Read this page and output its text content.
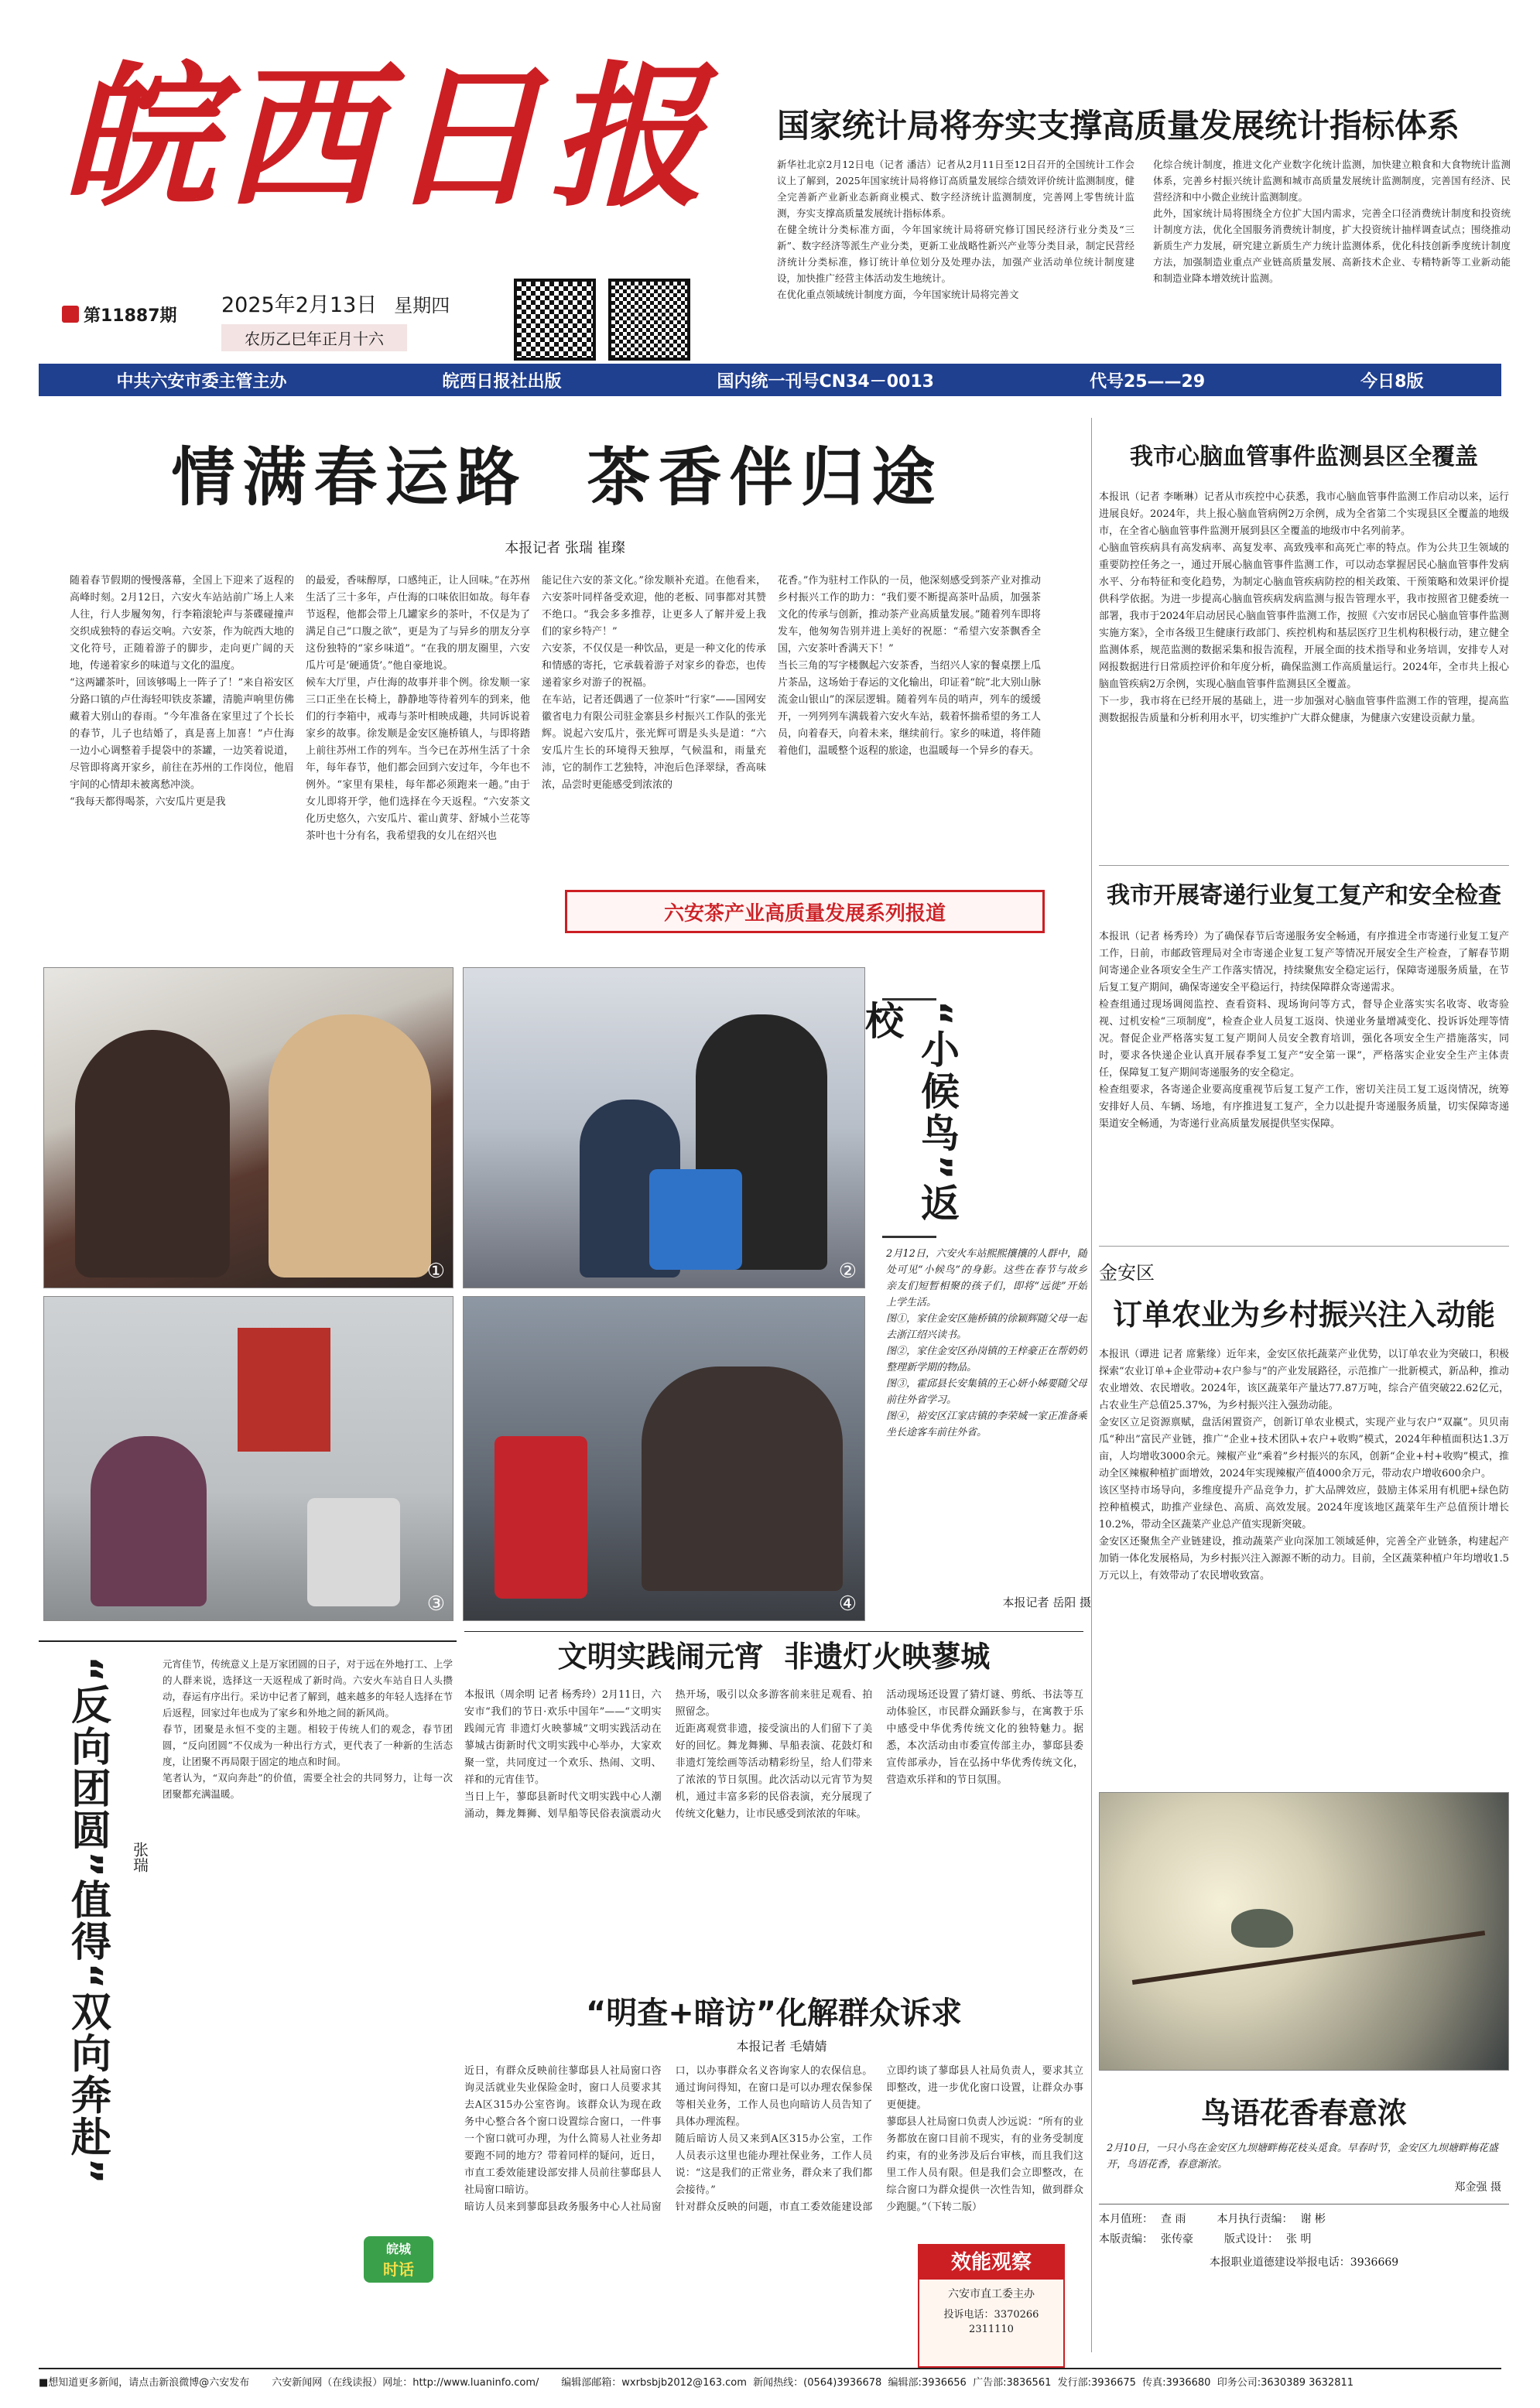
皖西日报
第11887期 2025年2月13日 星期四
农历乙巳年正月十六
国家统计局将夯实支撑高质量发展统计指标体系
新华社北京2月12日电（记者 潘洁）记者从2月11日至12日召开的全国统计工作会议上了解到，2025年国家统计局将修订高质量发展综合绩效评价统计监测制度，健全完善新产业新业态新商业模式、数字经济统计监测制度，完善网上零售统计监测，夯实支撑高质量发展统计指标体系。
在健全统计分类标准方面，今年国家统计局将研究修订国民经济行业分类及“三新”、数字经济等派生产业分类，更新工业战略性新兴产业等分类目录，制定民营经济统计分类标准，修订统计单位划分及处理办法，加强产业活动单位统计制度建设，加快推广经营主体活动发生地统计。
在优化重点领域统计制度方面，今年国家统计局将完善文
化综合统计制度，推进文化产业数字化统计监测，加快建立粮食和大食物统计监测体系，完善乡村振兴统计监测和城市高质量发展统计监测制度，完善国有经济、民营经济和中小微企业统计监测制度。
此外，国家统计局将围绕全方位扩大国内需求，完善全口径消费统计制度和投资统计制度方法，优化全国服务消费统计制度，扩大投资统计抽样调查试点；围绕推动新质生产力发展，研究建立新质生产力统计监测体系，优化科技创新季度统计制度方法，加强制造业重点产业链高质量发展、高新技术企业、专精特新等工业新动能和制造业降本增效统计监测。
中共六安市委主管主办	皖西日报社出版	国内统一刊号CN34－0013	代号25——29	今日8版
情满春运路  茶香伴归途
本报记者 张瑞 崔璨
随着春节假期的慢慢落幕，全国上下迎来了返程的高峰时刻。2月12日，六安火车站站前广场上人来人往，行人步履匆匆，行李箱滚轮声与茶碟碰撞声交织成独特的春运交响。六安茶，作为皖西大地的文化符号，正随着游子的脚步，走向更广阔的天地，传递着家乡的味道与文化的温度。
“这两罐茶叶，回该够喝上一阵子了！”来自裕安区分路口镇的卢仕海轻叩铁皮茶罐，清脆声响里仿佛藏着大别山的春雨。“今年准备在家里过了个长长的春节，儿子也结婚了，真是喜上加喜！”卢仕海一边小心调整着手提袋中的茶罐，一边笑着说道，尽管即将离开家乡，前往在苏州的工作岗位，他眉宇间的心情却未被离愁冲淡。
“我每天都得喝茶，六安瓜片更是我
的最爱，香味醇厚，口感纯正，让人回味。”在苏州生活了三十多年，卢仕海的口味依旧如故。每年春节返程，他都会带上几罐家乡的茶叶，不仅是为了满足自己“口腹之欲”，更是为了与异乡的朋友分享这份独特的“家乡味道”。“在我的朋友圈里，六安瓜片可是‘硬通货’。”他自豪地说。
候车大厅里，卢仕海的故事并非个例。徐发顺一家三口正坐在长椅上，静静地等待着列车的到来，他们的行李箱中，戒毒与茶叶相映成趣，共同诉说着家乡的故事。徐发顺是金安区施桥镇人，与即将踏上前往苏州工作的列车。当今已在苏州生活了十余年，每年春节，他们都会回到六安过年，今年也不例外。“家里有果桂，每年都必须跑来一趟。”由于女儿即将开学，他们选择在今天返程。“六安茶文化历史悠久，六安瓜片、霍山黄芽、舒城小兰花等茶叶也十分有名，我希望我的女儿在绍兴也
能记住六安的茶文化。”徐发顺补充道。在他看来，六安茶叶同样备受欢迎，他的老板、同事都对其赞不绝口。“我会多多推荐，让更多人了解并爱上我们的家乡特产！”
六安茶，不仅仅是一种饮品，更是一种文化的传承和情感的寄托，它承载着游子对家乡的眷恋，也传递着家乡对游子的祝福。
在车站，记者还偶遇了一位茶叶“行家”——国网安徽省电力有限公司驻金寨县乡村振兴工作队的张光辉。说起六安瓜片，张光辉可谓是头头是道：“六安瓜片生长的环境得天独厚，气候温和，雨量充沛，它的制作工艺独特，冲泡后色泽翠绿，香高味浓，品尝时更能感受到浓浓的
花香。”作为驻村工作队的一员，他深刻感受到茶产业对推动乡村振兴工作的助力：“我们要不断提高茶叶品质，加强茶文化的传承与创新，推动茶产业高质量发展。”随着列车即将发车，他匆匆告别并进上美好的祝愿：“希望六安茶飘香全国，六安茶叶香满天下！”
当长三角的写字楼飘起六安茶香，当绍兴人家的餐桌摆上瓜片茶品，这场始于春运的文化输出，印证着“皖”北大别山脉流金山银山”的深层逻辑。随着列车员的哨声，列车的缓缓开，一列列列车满载着六安火车站，载着怀揣希望的务工人员，向着春天，向着未来，继续前行。家乡的味道，将伴随着他们，温暖整个返程的旅途，也温暖每一个异乡的春天。
六安茶产业高质量发展系列报道
①	②
“小候鸟”返校
2月12日，六安火车站熙熙攘攘的人群中，随处可见“小候鸟”的身影。这些在春节与故乡亲友们短暂相聚的孩子们，即将“远徙”开始上学生活。
图①，家住金安区施桥镇的徐颖辉随父母一起去浙江绍兴读书。
图②，家住金安区孙岗镇的王梓豪正在帮奶奶整理新学期的物品。
图③，霍邱县长安集镇的王心妍小姊要随父母前往外省学习。
图④，裕安区江家店镇的李荣城一家正准备乘坐长途客车前往外省。
本报记者 岳阳 摄
③	④
“反向团圆”值得“双向奔赴”	张瑞
元宵佳节，传统意义上是万家团圆的日子，对于远在外地打工、上学的人群来说，选择这一天返程成了新时尚。六安火车站自日人头攒动，春运有序出行。采访中记者了解到，越来越多的年轻人选择在节后返程，回家过年也成为了家乡和外地之间的新风尚。
春节，团聚是永恒不变的主题。相较于传统人们的观念，春节团圆，“反向团圆”不仅成为一种出行方式，更代表了一种新的生活态度，让团聚不再局限于固定的地点和时间。
笔者认为，“双向奔赴”的价值，需要全社会的共同努力，让每一次团聚都充满温暖。
皖城
时话
文明实践闹元宵  非遗灯火映蓼城
本报讯（周余明 记者 杨秀玲）2月11日，六安市“我们的节日·欢乐中国年”——“文明实践闹元宵 非遗灯火映蓼城”文明实践活动在蓼城古街新时代文明实践中心举办，大家欢聚一堂，共同度过一个欢乐、热闹、文明、祥和的元宵佳节。
当日上午，蓼邸县新时代文明实践中心人潮涌动，舞龙舞狮、划旱船等民俗表演震动火热开场，吸引以众多游客前来驻足观看、拍照留念。
近距离观赏非遗，接受演出的人们留下了美好的回忆。舞龙舞狮、旱船表演、花鼓灯和非遗灯笼绘画等活动精彩纷呈，给人们带来了浓浓的节日氛围。此次活动以元宵节为契机，通过丰富多彩的民俗表演，充分展现了传统文化魅力，让市民感受到浓浓的年味。
活动现场还设置了猜灯谜、剪纸、书法等互动体验区，市民群众踊跃参与，在寓教于乐中感受中华优秀传统文化的独特魅力。据悉，本次活动由市委宣传部主办，蓼邸县委宣传部承办，旨在弘扬中华优秀传统文化，营造欢乐祥和的节日氛围。
“明查+暗访”化解群众诉求
本报记者 毛婧婧
近日，有群众反映前往蓼邸县人社局窗口咨询灵活就业失业保险金时，窗口人员要求其去A区315办公室咨询。该群众认为现在政务中心整合各个窗口设置综合窗口，一件事一个窗口就可办理，为什么简易人社业务却要跑不同的地方？带着同样的疑问，近日，市直工委效能建设部安排人员前往蓼邸县人社局窗口暗访。
暗访人员来到蓼邸县政务服务中心人社局窗口，以办事群众名义咨询家人的农保信息。通过询问得知，在窗口是可以办理农保参保等相关业务，工作人员也向暗访人员告知了具体办理流程。
随后暗访人员又来到A区315办公室，工作人员表示这里也能办理社保业务，工作人员说：“这是我们的正常业务，群众来了我们都会接待。”
针对群众反映的问题，市直工委效能建设部立即约谈了蓼邸县人社局负责人，要求其立即整改，进一步优化窗口设置，让群众办事更便捷。
蓼邸县人社局窗口负责人沙远说：“所有的业务都放在窗口目前不现实，有的业务受制度约束，有的业务涉及后台审核，而且我们这里工作人员有限。但是我们会立即整改，在综合窗口为群众提供一次性告知，做到群众少跑腿。”（下转二版）
效能观察
六安市直工委主办
投诉电话：3370266
2311110
我市心脑血管事件监测县区全覆盖
本报讯（记者 李晰琳）记者从市疾控中心获悉，我市心脑血管事件监测工作启动以来，运行进展良好。2024年，共上报心脑血管病例2万余例，成为全省第二个实现县区全覆盖的地级市，在全省心脑血管事件监测开展到县区全覆盖的地级市中名列前茅。
心脑血管疾病具有高发病率、高复发率、高致残率和高死亡率的特点。作为公共卫生领域的重要防控任务之一，通过开展心脑血管事件监测工作，可以动态掌握居民心脑血管事件发病水平、分布特征和变化趋势，为制定心脑血管疾病防控的相关政策、干预策略和效果评价提供科学依据。为进一步提高心脑血管疾病发病监测与报告管理水平，我市按照省卫健委统一部署，我市于2024年启动居民心脑血管事件监测工作，按照《六安市居民心脑血管事件监测实施方案》，全市各级卫生健康行政部门、疾控机构和基层医疗卫生机构积极行动，建立健全监测体系，规范监测的数据采集和报告流程，开展全面的技术指导和业务培训，安排专人对网报数据进行日常质控评价和年度分析，确保监测工作高质量运行。2024年，全市共上报心脑血管疾病2万余例，实现心脑血管事件监测县区全覆盖。
下一步，我市将在已经开展的基础上，进一步加强对心脑血管事件监测工作的管理，提高监测数据报告质量和分析利用水平，切实维护广大群众健康，为健康六安建设贡献力量。
我市开展寄递行业复工复产和安全检查
本报讯（记者 杨秀玲）为了确保春节后寄递服务安全畅通，有序推进全市寄递行业复工复产工作，日前，市邮政管理局对全市寄递企业复工复产等情况开展安全生产检查，了解春节期间寄递企业各项安全生产工作落实情况，持续聚焦安全稳定运行，保障寄递服务质量，在节后复工复产期间，确保寄递安全平稳运行，持续保障群众寄递需求。
检查组通过现场调阅监控、查看资料、现场询问等方式，督导企业落实实名收寄、收寄验视、过机安检“三项制度”，检查企业人员复工返岗、快递业务量增减变化、投诉诉处理等情况。督促企业严格落实复工复产期间人员安全教育培训，强化各项安全生产措施落实，同时，要求各快递企业认真开展春季复工复产“安全第一课”，严格落实企业安全生产主体责任，保障复工复产期间寄递服务的安全稳定。
检查组要求，各寄递企业要高度重视节后复工复产工作，密切关注员工复工返岗情况，统筹安排好人员、车辆、场地，有序推进复工复产，全力以赴提升寄递服务质量，切实保障寄递渠道安全畅通，为寄递行业高质量发展提供坚实保障。
金安区
订单农业为乡村振兴注入动能
本报讯（谭进 记者 席紫缘）近年来，金安区依托蔬菜产业优势，以订单农业为突破口，积极探索“农业订单+企业带动+农户参与”的产业发展路径，示范推广一批新模式，新品种，推动农业增效、农民增收。2024年，该区蔬菜年产量达77.87万吨，综合产值突破22.62亿元，占农业生产总值25.37%，为乡村振兴注入强劲动能。
金安区立足资源禀赋，盘活闲置资产，创新订单农业模式，实现产业与农户“双赢”。贝贝南瓜“种出”富民产业链，推广“企业+技术团队+农户+收购”模式，2024年种植面积达1.3万亩，人均增收3000余元。辣椒产业“乘着”乡村振兴的东风，创新“企业+村+收购”模式，推动全区辣椒种植扩面增效，2024年实现辣椒产值4000余万元，带动农户增收600余户。
该区坚持市场导向，多维度提升产品竞争力，扩大品牌效应，鼓励主体采用有机肥+绿色防控种植模式，助推产业绿色、高质、高效发展。2024年度该地区蔬菜年生产总值预计增长10.2%，带动全区蔬菜产业总产值实现新突破。
金安区还聚焦全产业链建设，推动蔬菜产业向深加工领域延伸，完善全产业链条，构建起产加销一体化发展格局，为乡村振兴注入源源不断的动力。目前，全区蔬菜种植户年均增收1.5万元以上，有效带动了农民增收致富。
鸟语花香春意浓
2月10日，一只小鸟在金安区九坝塘畔梅花枝头觅食。早春时节，金安区九坝塘畔梅花盛开，鸟语花香，春意渐浓。
郑金强 摄
本月值班： 查 雨	本月执行责编： 谢 彬
本版责编： 张传豪	版式设计： 张 明
本报职业道德建设举报电话：3936669
■想知道更多新闻，请点击新浪微博@六安发布       六安新闻网（在线读报）网址：http://www.luaninfo.com/       编辑部邮箱：wxrbsbjb2012@163.com  新闻热线：(0564)3936678  编辑部:3936656  广告部:3836561  发行部:3936675  传真:3936680  印务公司:3630389 3632811
